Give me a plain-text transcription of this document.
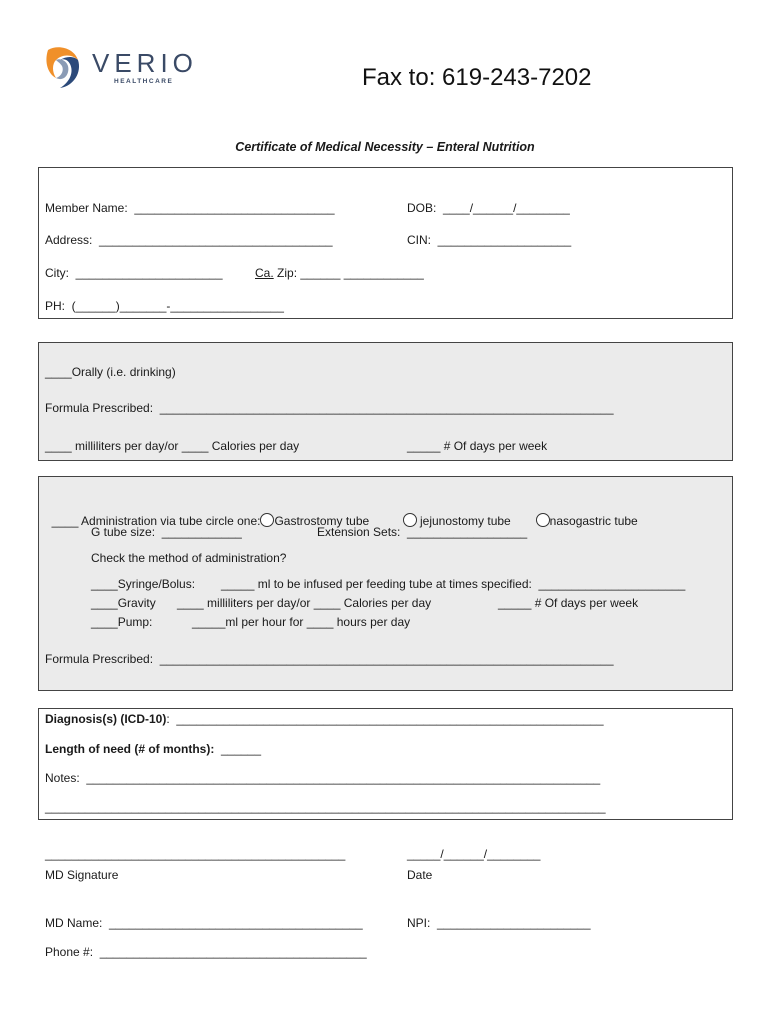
VERIO
HEALTHCARE	Fax to: 619-243-7202
Certificate of Medical Necessity – Enteral Nutrition
Member Name:  ______________________________	DOB:  ____/______/________
Address:  ___________________________________	CIN:  ____________________
City:  ______________________	Ca. Zip: ______ ____________
PH:  (______)_______-_________________
____Orally (i.e. drinking)
Formula Prescribed:  ____________________________________________________________________
____ milliliters per day/or ____ Calories per day	_____ # Of days per week

____ Administration via tube circle one: Gastrostomy tube	jejunostomy tube	nasogastric tube

G tube size:  ____________	Extension Sets:  __________________
Check the method of administration?
____Syringe/Bolus: _____ ml to be infused per feeding tube at times specified:  ______________________
____Gravity ____ milliliters per day/or ____ Calories per day	_____ # Of days per week
____Pump:	_____ml per hour for ____ hours per day
Formula Prescribed:  ____________________________________________________________________
Diagnosis(s) (ICD-10):  ________________________________________________________________
Length of need (# of months):  ______
Notes:  _____________________________________________________________________________
____________________________________________________________________________________
_____________________________________________
MD Signature
_____/______/________
Date
MD Name:  ______________________________________	NPI:  _______________________
Phone #:  ________________________________________
